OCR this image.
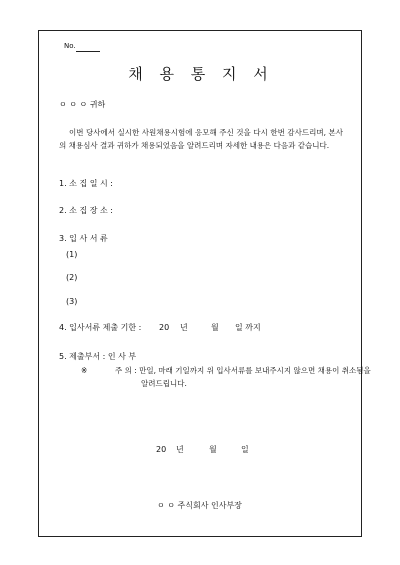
No.
채 용 통 지 서
ㅇ ㅇ ㅇ 귀하
이번 당사에서 실시한 사원채용시험에 응모해 주신 것을 다시 한번 감사드리며, 본사의 채용심사 결과 귀하가 채용되었음을 알려드리며 자세한 내용은 다음과 같습니다.
1. 소 집 일 시 :
2. 소 집 장 소 :
3. 입 사 서 류
(1)
(2)
(3)
4. 입사서류 제출 기한 : 20 년	월 일 까지
5. 제출부서 : 인 사 부
※	주 의 : 만일, 마래 기일까지 위 입사서류를 보내주시지 않으면 채용이 취소됨을 알려드립니다.
20 년	월	일
ㅇ ㅇ 주식회사 인사부장
